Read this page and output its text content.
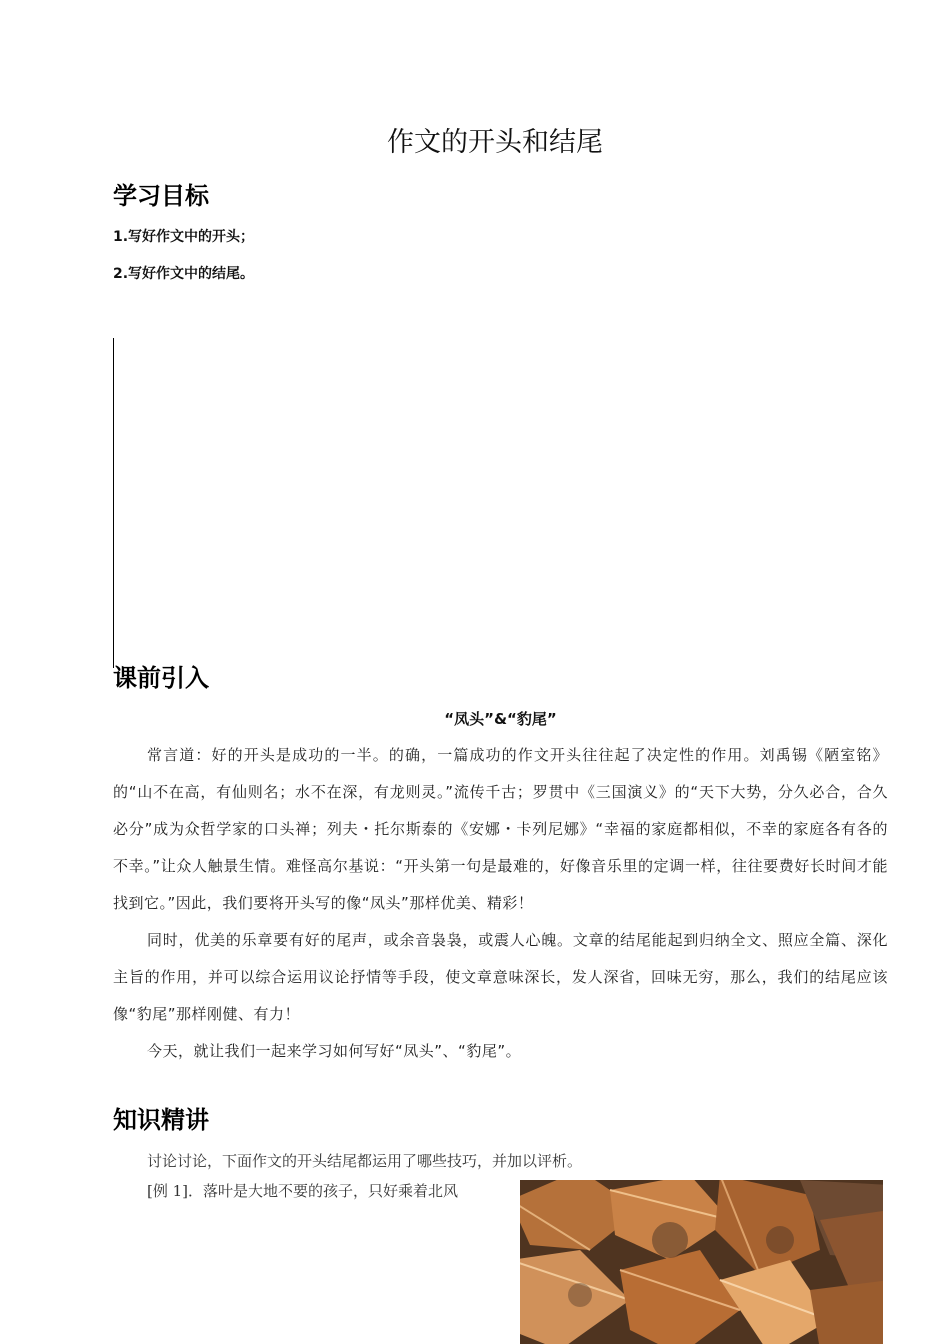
作文的开头和结尾
学习目标
1.写好作文中的开头；
2.写好作文中的结尾。
课前引入
“凤头”&“豹尾”

常言道：好的开头是成功的一半。的确，一篇成功的作文开头往往起了决定性的作用。刘禹锡《陋室铭》的“山不在高，有仙则名；水不在深，有龙则灵。”流传千古；罗贯中《三国演义》的“天下大势，分久必合，合久必分”成为众哲学家的口头禅；列夫・托尔斯泰的《安娜・卡列尼娜》“幸福的家庭都相似，不幸的家庭各有各的不幸。”让众人触景生情。难怪高尔基说：“开头第一句是最难的，好像音乐里的定调一样，往往要费好长时间才能找到它。”因此，我们要将开头写的像“凤头”那样优美、精彩！

同时，优美的乐章要有好的尾声，或余音袅袅，或震人心魄。文章的结尾能起到归纳全文、照应全篇、深化主旨的作用，并可以综合运用议论抒情等手段，使文章意味深长，发人深省，回味无穷，那么，我们的结尾应该像“豹尾”那样刚健、有力！

今天，就让我们一起来学习如何写好“凤头”、“豹尾”。

知识精讲
讨论讨论，下面作文的开头结尾都运用了哪些技巧，并加以评析。
[例 1]．落叶是大地不要的孩子，只好乘着北风
